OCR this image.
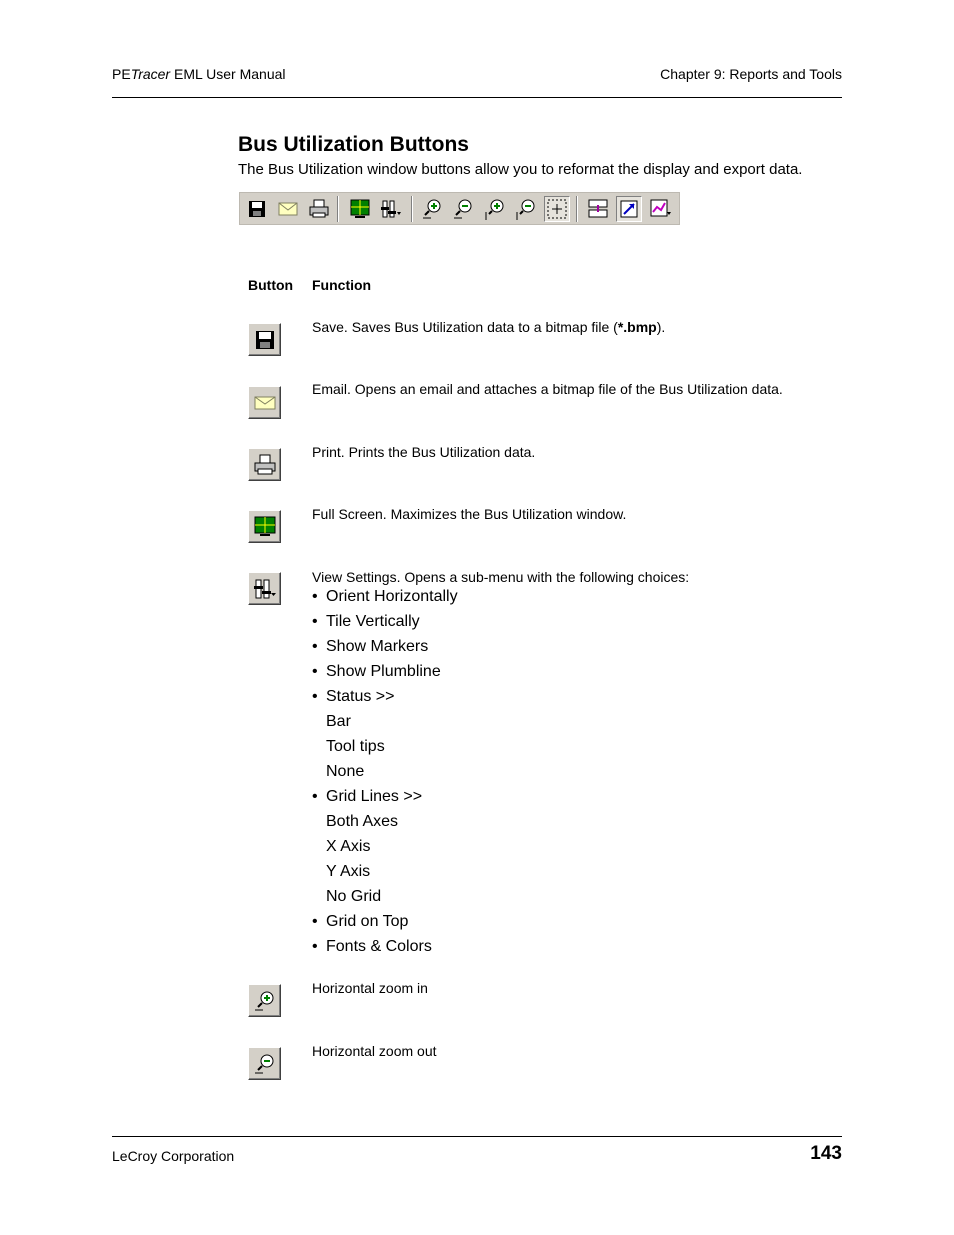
PETracer EML User Manual	Chapter 9: Reports and Tools
Bus Utilization Buttons
The Bus Utilization window buttons allow you to reformat the display and export data.
Button Function
Save. Saves Bus Utilization data to a bitmap file (*.bmp).
Email. Opens an email and attaches a bitmap file of the Bus Utilization data.
Print. Prints the Bus Utilization data.
Full Screen. Maximizes the Bus Utilization window.
View Settings. Opens a sub-menu with the following choices:
• Orient Horizontally
• Tile Vertically
• Show Markers
• Show Plumbline
• Status >>
Bar
Tool tips
None
• Grid Lines >>
Both Axes
X Axis
Y Axis
No Grid
• Grid on Top
• Fonts & Colors
Horizontal zoom in
Horizontal zoom out
LeCroy Corporation	143
